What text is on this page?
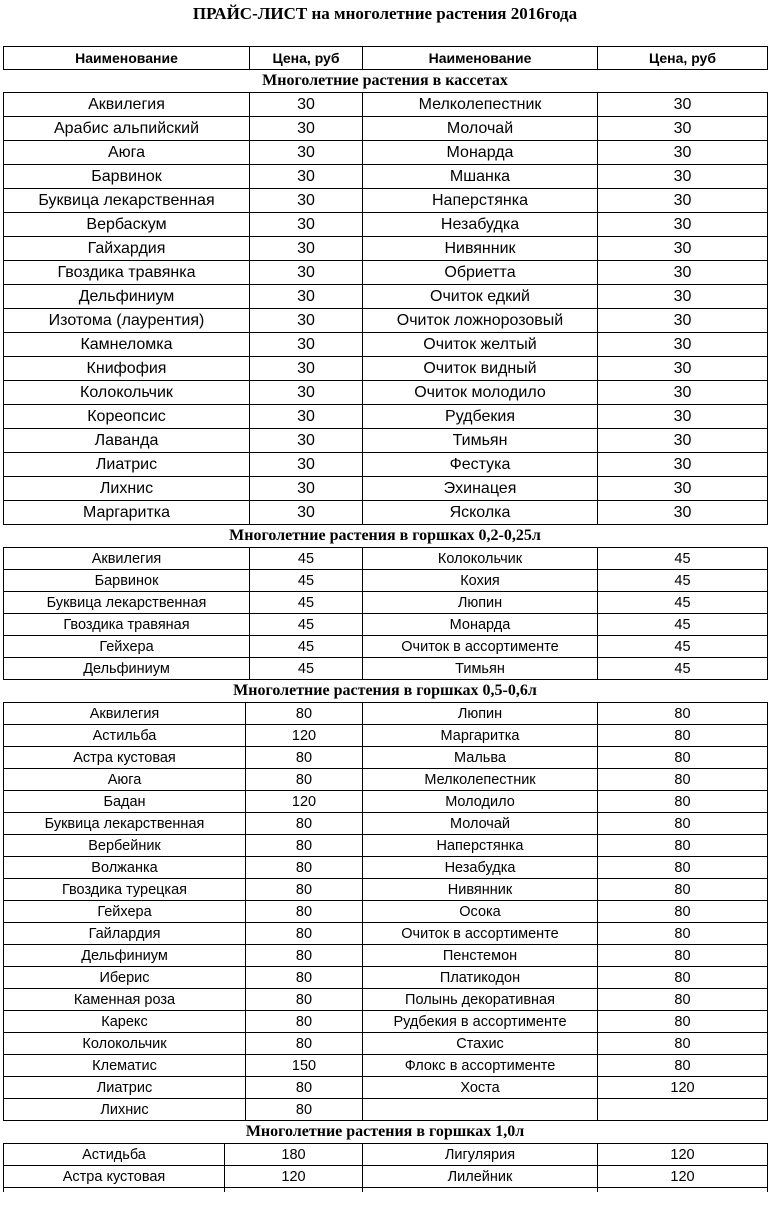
ПРАЙС-ЛИСТ на многолетние растения 2016года
Наименование	Цена, руб	Наименование	Цена, руб
Многолетние растения в кассетах
Аквилегия	30	Мелколепестник	30
Арабис альпийский	30	Молочай	30
Аюга	30	Монарда	30
Барвинок	30	Мшанка	30
Буквица лекарственная	30	Наперстянка	30
Вербаскум	30	Незабудка	30
Гайхардия	30	Нивянник	30
Гвоздика травянка	30	Обриетта	30
Дельфиниум	30	Очиток едкий	30
Изотома (лаурентия)	30	Очиток ложнорозовый	30
Камнеломка	30	Очиток желтый	30
Книфофия	30	Очиток видный	30
Колокольчик	30	Очиток молодило	30
Кореопсис	30	Рудбекия	30
Лаванда	30	Тимьян	30
Лиатрис	30	Фестука	30
Лихнис	30	Эхинацея	30
Маргаритка	30	Ясколка	30
Многолетние растения в горшках 0,2-0,25л
Аквилегия	45	Колокольчик	45
Барвинок	45	Кохия	45
Буквица лекарственная	45	Люпин	45
Гвоздика травяная	45	Монарда	45
Гейхера	45	Очиток в ассортименте	45
Дельфиниум	45	Тимьян	45
Многолетние растения в горшках 0,5-0,6л
Аквилегия	80	Люпин	80
Астильба	120	Маргаритка	80
Астра кустовая	80	Мальва	80
Аюга	80	Мелколепестник	80
Бадан	120	Молодило	80
Буквица лекарственная	80	Молочай	80
Вербейник	80	Наперстянка	80
Волжанка	80	Незабудка	80
Гвоздика турецкая	80	Нивянник	80
Гейхера	80	Осока	80
Гайлардия	80	Очиток в ассортименте	80
Дельфиниум	80	Пенстемон	80
Иберис	80	Платикодон	80
Каменная роза	80	Полынь декоративная	80
Карекс	80	Рудбекия в ассортименте	80
Колокольчик	80	Стахис	80
Клематис	150	Флокс в ассортименте	80
Лиатрис	80	Хоста	120
Лихнис	80		
Многолетние растения в горшках 1,0л
Астидьба	180	Лигулярия	120
Астра кустовая	120	Лилейник	120
